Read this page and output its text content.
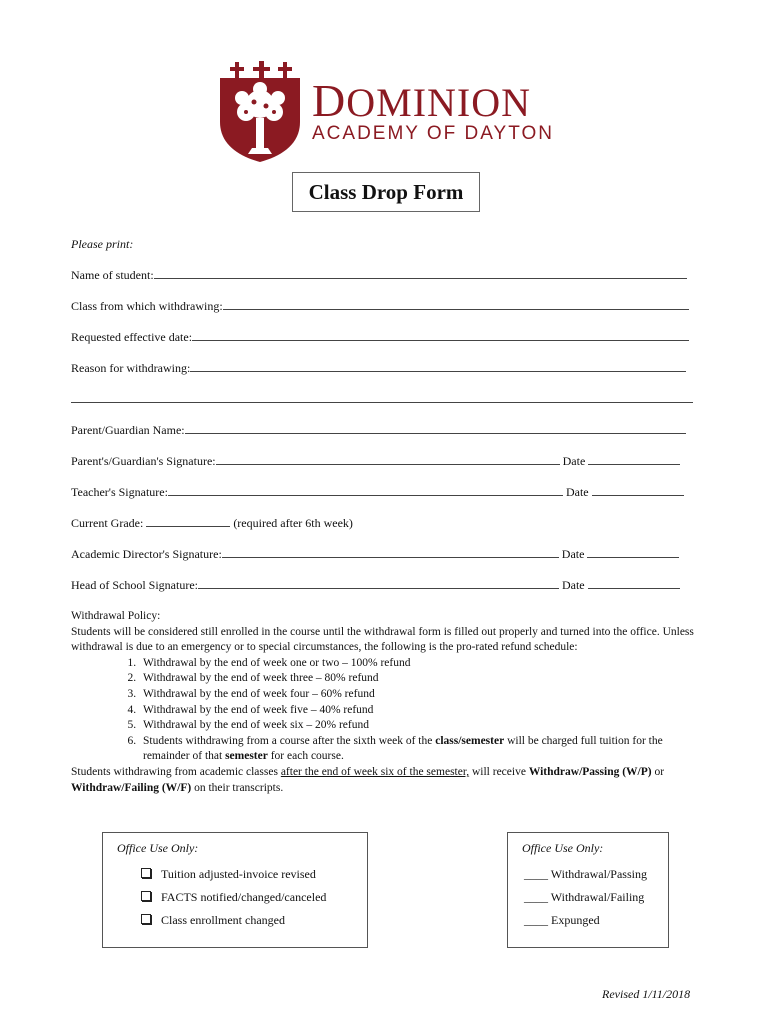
DOMINION
ACADEMY OF DAYTON
Class Drop Form
Please print:
Name of student:
Class from which withdrawing:
Requested effective date:
Reason for withdrawing:
Parent/Guardian Name:
Parent's/Guardian's Signature:	Date
Teacher's Signature:	Date
Current Grade:	(required after 6th week)
Academic Director's Signature:	Date
Head of School Signature:	Date

Withdrawal Policy:

Students will be considered still enrolled in the course until the withdrawal form is filled out properly and turned into the office. Unless withdrawal is due to an emergency or to special circumstances, the following is the pro-rated refund schedule:

1. Withdrawal by the end of week one or two – 100% refund
2. Withdrawal by the end of week three – 80% refund
3. Withdrawal by the end of week four – 60% refund
4. Withdrawal by the end of week five – 40% refund
5. Withdrawal by the end of week six – 20% refund
6. Students withdrawing from a course after the sixth week of the class/semester will be charged full tuition for the remainder of that semester for each course.

Students withdrawing from academic classes after the end of week six of the semester, will receive Withdraw/Passing (W/P) or Withdraw/Failing (W/F) on their transcripts.

Office Use Only:
Tuition adjusted-invoice revised
FACTS notified/changed/canceled
Class enrollment changed
Office Use Only:
____ Withdrawal/Passing
____ Withdrawal/Failing
____ Expunged
Revised 1/11/2018
